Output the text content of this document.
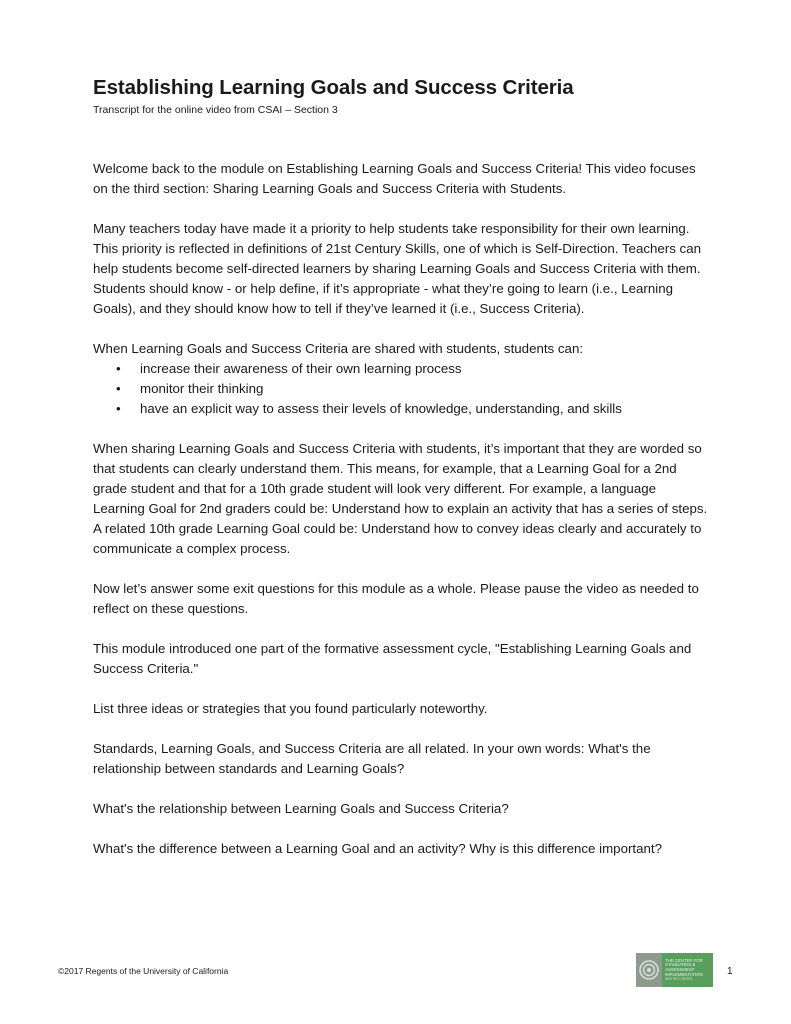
Establishing Learning Goals and Success Criteria
Transcript for the online video from CSAI – Section 3

Welcome back to the module on Establishing Learning Goals and Success Criteria! This video focuses on the third section: Sharing Learning Goals and Success Criteria with Students.

Many teachers today have made it a priority to help students take responsibility for their own learning.  This priority is reflected in definitions of 21st Century Skills, one of which is Self-Direction. Teachers can help students become self-directed learners by sharing Learning Goals and Success Criteria with them.  Students should know - or help define, if it’s appropriate - what they’re going to learn (i.e., Learning Goals), and they should know how to tell if they’ve learned it (i.e., Success Criteria).

When Learning Goals and Success Criteria are shared with students, students can:

• increase their awareness of their own learning process
• monitor their thinking
• have an explicit way to assess their levels of knowledge, understanding, and skills

When sharing Learning Goals and Success Criteria with students, it’s important that they are worded so that students can clearly understand them. This means, for example, that a Learning Goal for a 2nd grade student and that for a 10th grade student will look very different. For example, a language Learning Goal for 2nd graders could be: Understand how to explain an activity that has a series of steps. A related 10th grade Learning Goal could be: Understand how to convey ideas clearly and accurately to communicate a complex process.

Now let’s answer some exit questions for this module as a whole. Please pause the video as needed to reflect on these questions.

This module introduced one part of the formative assessment cycle, "Establishing Learning Goals and Success Criteria."

List three ideas or strategies that you found particularly noteworthy.

Standards, Learning Goals, and Success Criteria are all related. In your own words: What's the relationship between standards and Learning Goals?

What's the relationship between Learning Goals and Success Criteria?

What's the difference between a Learning Goal and an activity? Why is this difference important?

©2017 Regents of the University of California
THE CENTER FOR
STANDARDS &
ASSESSMENT
IMPLEMENTATION
WESTED CRESST
1
